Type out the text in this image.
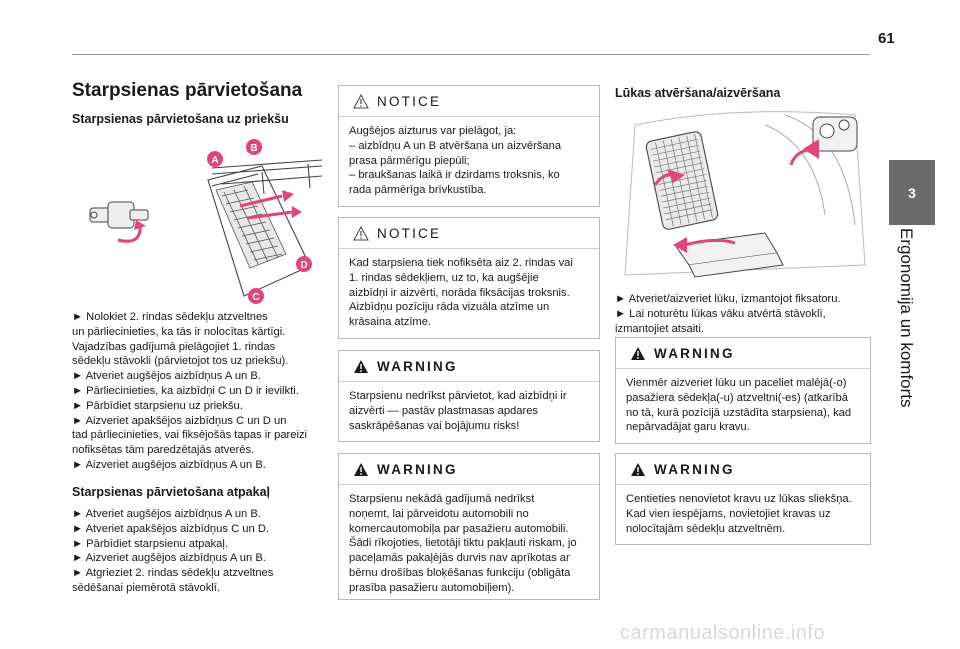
61
3
Ergonomija un komforts
Starpsienas pārvietošana
Starpsienas pārvietošana uz priekšu
A
B
C
D
► Nolokiet 2. rindas sēdekļu atzveltnes
un pārliecinieties, ka tās ir nolocītas kārtīgi.
Vajadzības gadījumā pielāgojiet 1. rindas
sēdekļu stāvokli (pārvietojot tos uz priekšu).
► Atveriet augšējos aizbīdņus A un B.
► Pārliecinieties, ka aizbīdņi C un D ir ievilkti.
► Pārbīdiet starpsienu uz priekšu.
► Aizveriet apakšējos aizbīdņus C un D un
tad pārliecinieties, vai fiksējošās tapas ir pareizi
nofiksētas tām paredzētajās atverēs.
► Aizveriet augšējos aizbīdņus A un B.
Starpsienas pārvietošana atpakaļ
► Atveriet augšējos aizbīdņus A un B.
► Atveriet apakšējos aizbīdņus C un D.
► Pārbīdiet starpsienu atpakaļ.
► Aizveriet augšējos aizbīdņus A un B.
► Atgrieziet 2. rindas sēdekļu atzveltnes
sēdēšanai piemērotā stāvoklī.
NOTICE
Augšējos aizturus var pielāgot, ja:
– aizbīdņu A un B atvēršana un aizvēršana
prasa pārmērīgu piepūli;
– braukšanas laikā ir dzirdams troksnis, ko
rada pārmērīga brīvkustība.
NOTICE
Kad starpsiena tiek nofiksēta aiz 2. rindas vai
1. rindas sēdekļiem, uz to, ka augšējie
aizbīdņi ir aizvērti, norāda fiksācijas troksnis.
Aizbīdņu pozīciju rāda vizuāla atzīme un
krāsaina atzīme.
WARNING
Starpsienu nedrīkst pārvietot, kad aizbīdņi ir
aizvērti — pastāv plastmasas apdares
saskrāpēšanas vai bojājumu risks!
WARNING
Starpsienu nekādā gadījumā nedrīkst
noņemt, lai pārveidotu automobili no
komercautomobiļa par pasažieru automobili.
Šādi rīkojoties, lietotāji tiktu pakļauti riskam, jo
paceļamās pakaļējās durvis nav aprīkotas ar
bērnu drošības bloķēšanas funkciju (obligāta
prasība pasažieru automobiļiem).
Lūkas atvēršana/aizvēršana
► Atveriet/aizveriet lūku, izmantojot fiksatoru.
► Lai noturētu lūkas vāku atvērtā stāvoklī,
izmantojiet atsaiti.
WARNING
Vienmēr aizveriet lūku un paceliet malējā(-o)
pasažiera sēdekļa(-u) atzveltni(-es) (atkarībā
no tā, kurā pozīcijā uzstādīta starpsiena), kad
nepārvadājat garu kravu.
WARNING
Centieties nenovietot kravu uz lūkas sliekšņa.
Kad vien iespējams, novietojiet kravas uz
nolocītajām sēdekļu atzveltnēm.
carmanualsonline.info
